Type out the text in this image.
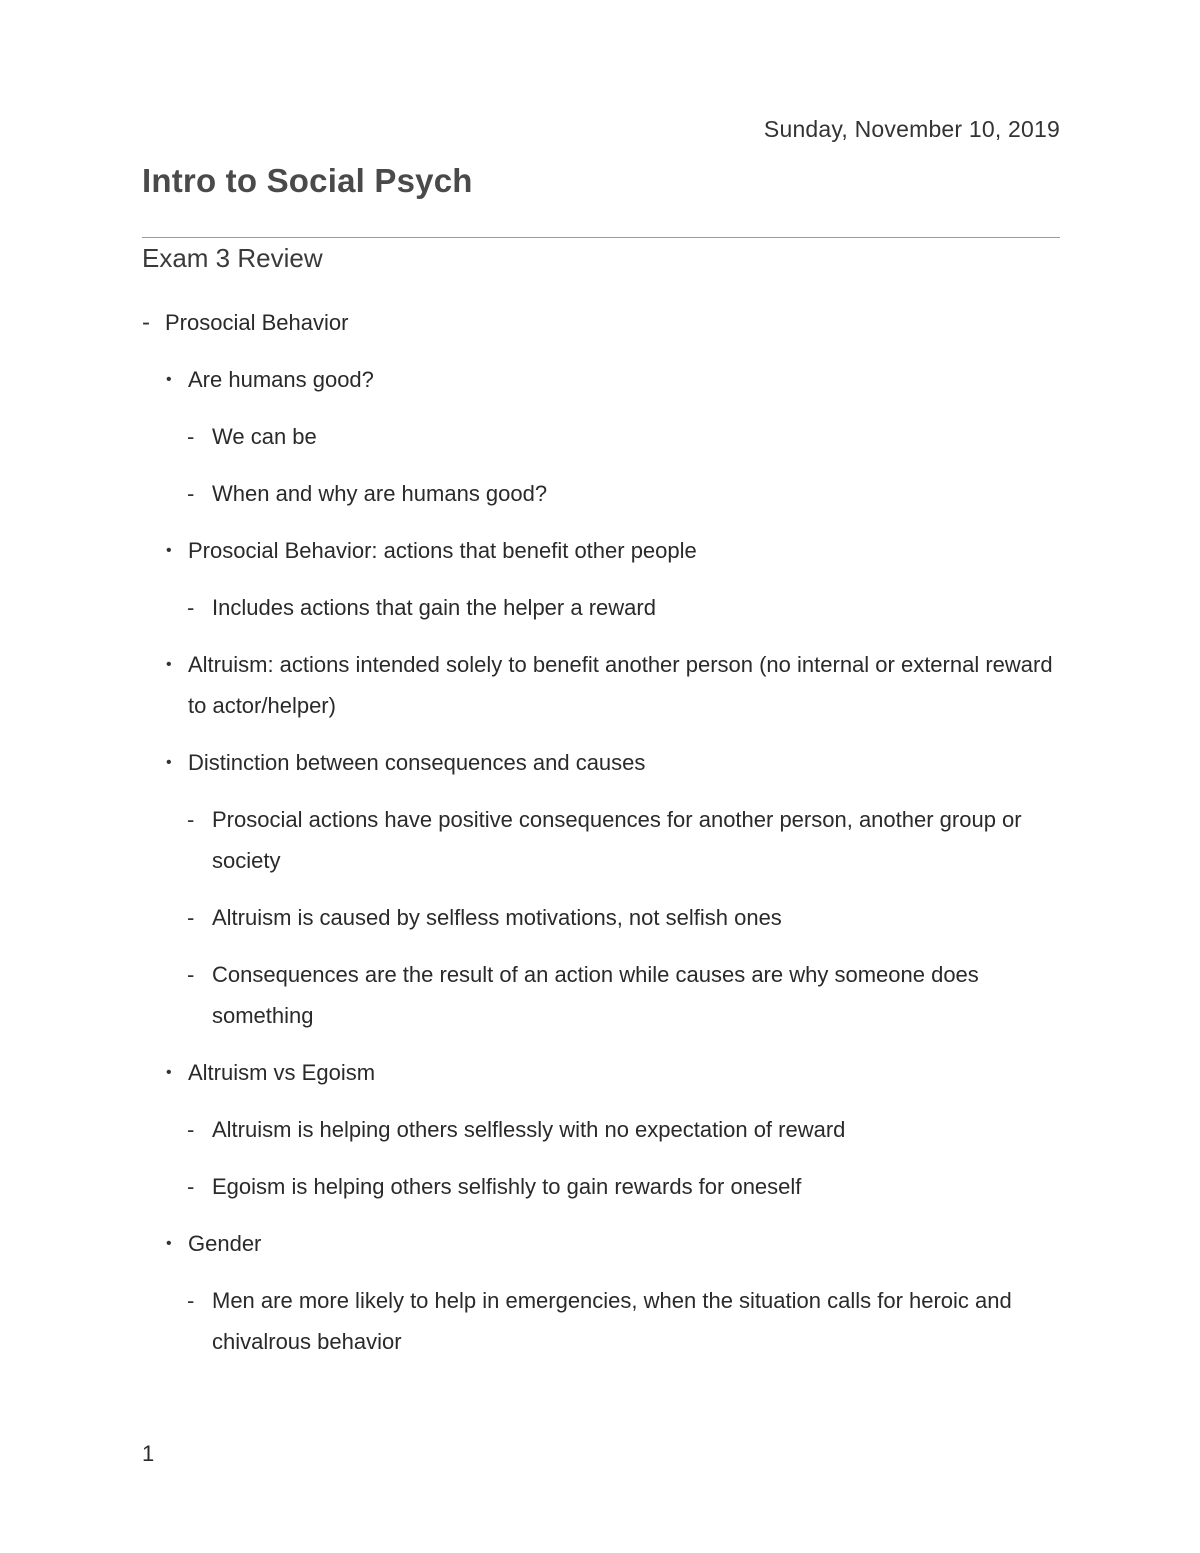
Sunday, November 10, 2019
Intro to Social Psych
Exam 3 Review
- Prosocial Behavior
• Are humans good?
- We can be
- When and why are humans good?
• Prosocial Behavior: actions that benefit other people
- Includes actions that gain the helper a reward
• Altruism: actions intended solely to benefit another person (no internal or external reward to actor/helper)
• Distinction between consequences and causes
- Prosocial actions have positive consequences for another person, another group or society
- Altruism is caused by selfless motivations, not selfish ones
- Consequences are the result of an action while causes are why someone does something
• Altruism vs Egoism
- Altruism is helping others selflessly with no expectation of reward
- Egoism is helping others selfishly to gain rewards for oneself
• Gender
- Men are more likely to help in emergencies, when the situation calls for heroic and chivalrous behavior
1
